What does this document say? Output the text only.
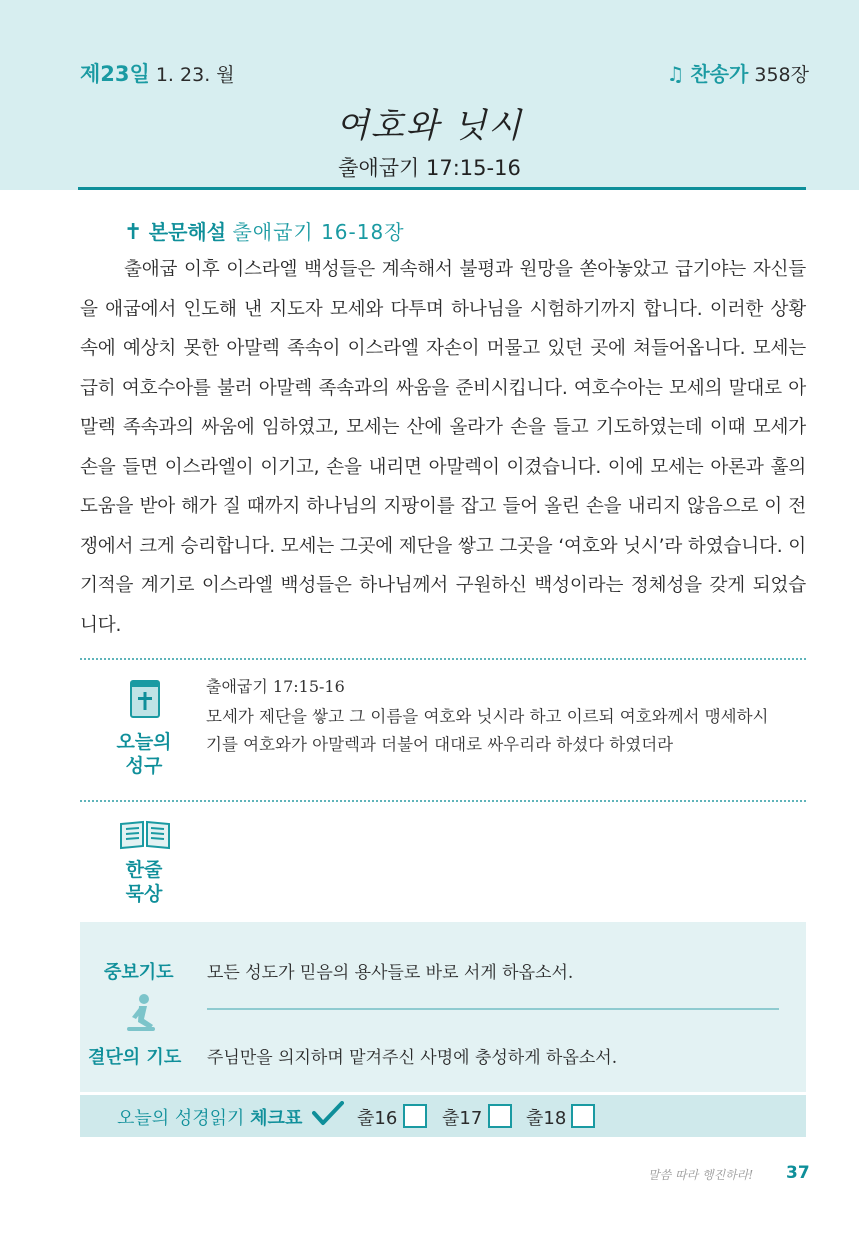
제23일 1. 23. 월	♫ 찬송가 358장
여호와 닛시
출애굽기 17:15-16
✝ 본문해설 출애굽기 16-18장
출애굽 이후 이스라엘 백성들은 계속해서 불평과 원망을 쏟아놓았고 급기야는 자신들을 애굽에서 인도해 낸 지도자 모세와 다투며 하나님을 시험하기까지 합니다. 이러한 상황 속에 예상치 못한 아말렉 족속이 이스라엘 자손이 머물고 있던 곳에 쳐들어옵니다. 모세는 급히 여호수아를 불러 아말렉 족속과의 싸움을 준비시킵니다. 여호수아는 모세의 말대로 아말렉 족속과의 싸움에 임하였고, 모세는 산에 올라가 손을 들고 기도하였는데 이때 모세가 손을 들면 이스라엘이 이기고, 손을 내리면 아말렉이 이겼습니다. 이에 모세는 아론과 훌의 도움을 받아 해가 질 때까지 하나님의 지팡이를 잡고 들어 올린 손을 내리지 않음으로 이 전쟁에서 크게 승리합니다. 모세는 그곳에 제단을 쌓고 그곳을 ‘여호와 닛시’라 하였습니다. 이 기적을 계기로 이스라엘 백성들은 하나님께서 구원하신 백성이라는 정체성을 갖게 되었습니다.
오늘의
성구
출애굽기 17:15-16
모세가 제단을 쌓고 그 이름을 여호와 닛시라 하고 이르되 여호와께서 맹세하시기를 여호와가 아말렉과 더불어 대대로 싸우리라 하셨다 하였더라
한줄
묵상
중보기도 모든 성도가 믿음의 용사들로 바로 서게 하옵소서.
결단의 기도 주님만을 의지하며 맡겨주신 사명에 충성하게 하옵소서.
오늘의 성경읽기 체크표	출16 출17 출18
말씀 따라 행진하라! 37
